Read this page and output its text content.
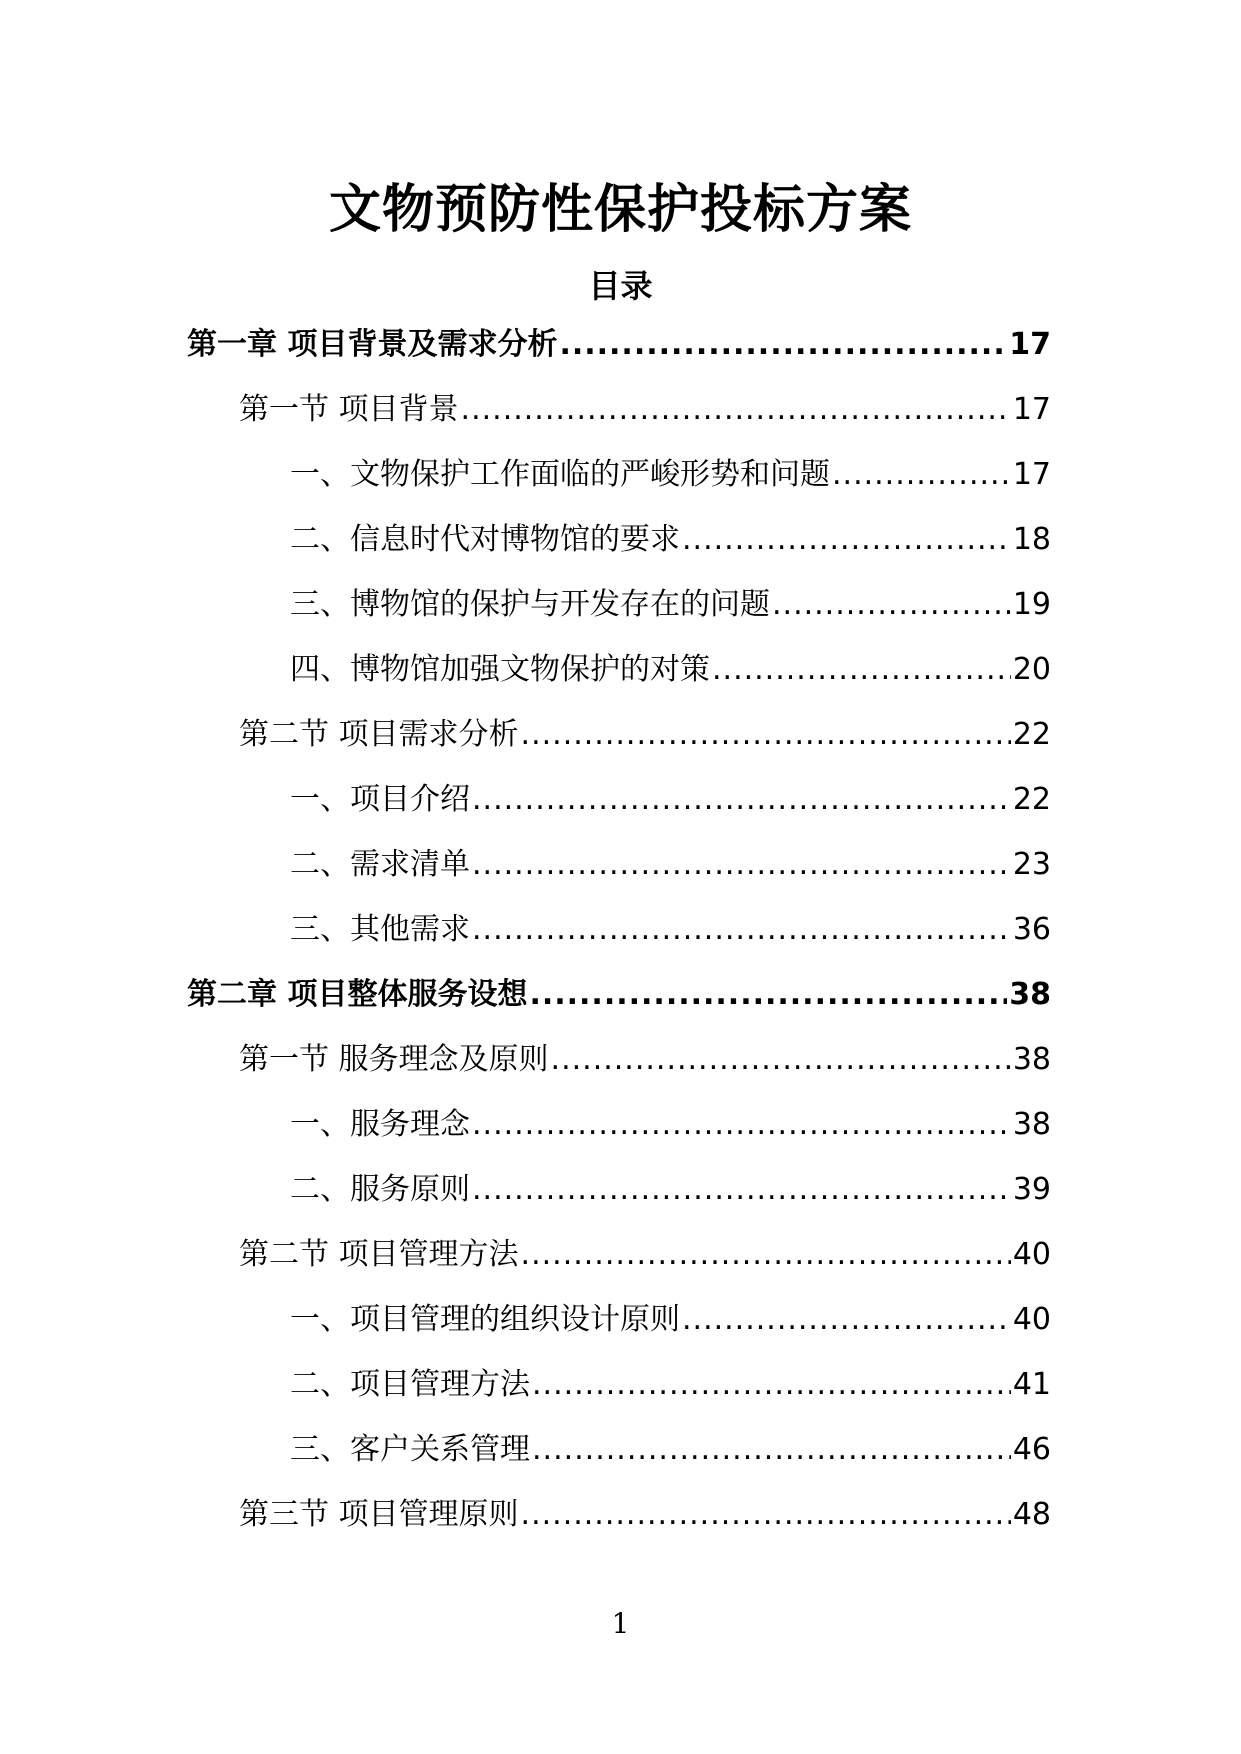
文物预防性保护投标方案
目录
第一章 项目背景及需求分析 .....	17
第一节 项目背景 .....	17
一、文物保护工作面临的严峻形势和问题 .....	17
二、信息时代对博物馆的要求 .....	18
三、博物馆的保护与开发存在的问题 .....	19
四、博物馆加强文物保护的对策 .....	20
第二节 项目需求分析 .....	22
一、项目介绍 .....	22
二、需求清单 .....	23
三、其他需求 .....	36
第二章 项目整体服务设想 .....	38
第一节 服务理念及原则 .....	38
一、服务理念 .....	38
二、服务原则 .....	39
第二节 项目管理方法 .....	40
一、项目管理的组织设计原则 .....	40
二、项目管理方法 .....	41
三、客户关系管理 .....	46
第三节 项目管理原则 .....	48
1
